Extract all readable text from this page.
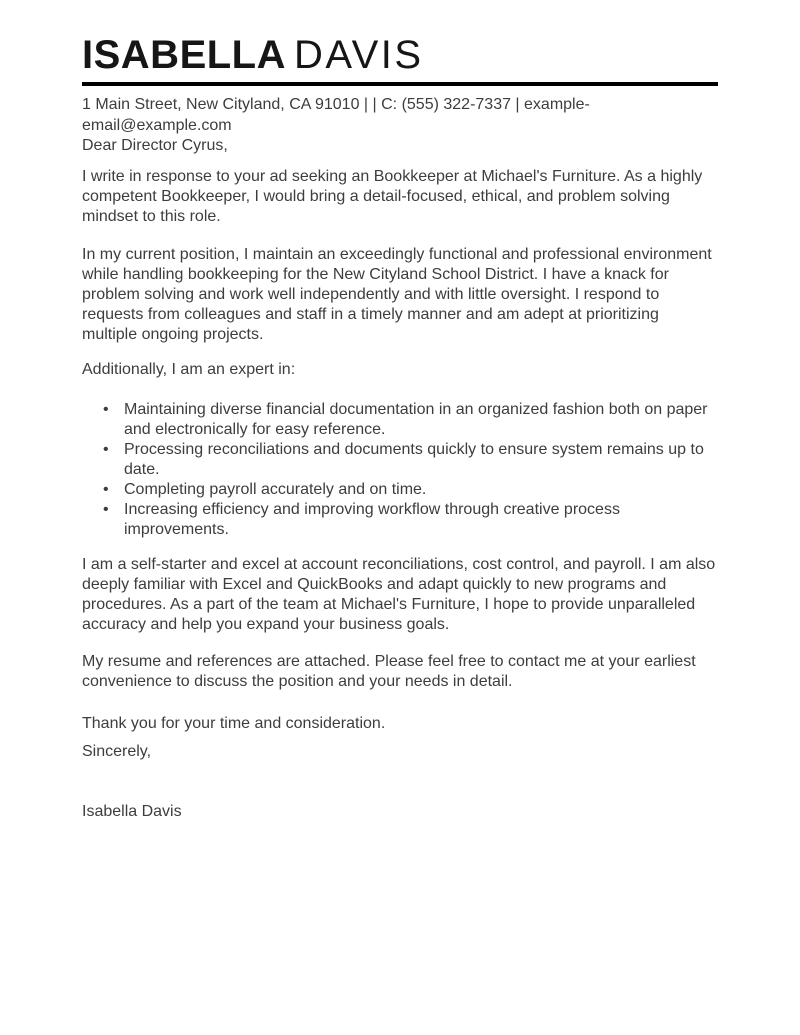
ISABELLA DAVIS
1 Main Street, New Cityland, CA 91010 | | C: (555) 322-7337 | example-
email@example.com

Dear Director Cyrus,

I write in response to your ad seeking an Bookkeeper at Michael's Furniture. As a highly competent Bookkeeper, I would bring a detail-focused, ethical, and problem solving mindset to this role.

In my current position, I maintain an exceedingly functional and professional environment while handling bookkeeping for the New Cityland School District. I have a knack for problem solving and work well independently and with little oversight. I respond to requests from colleagues and staff in a timely manner and am adept at prioritizing multiple ongoing projects.

Additionally, I am an expert in:

• Maintaining diverse financial documentation in an organized fashion both on paper and electronically for easy reference.
• Processing reconciliations and documents quickly to ensure system remains up to date.
• Completing payroll accurately and on time.
• Increasing efficiency and improving workflow through creative process improvements.

I am a self-starter and excel at account reconciliations, cost control, and payroll. I am also deeply familiar with Excel and QuickBooks and adapt quickly to new programs and procedures. As a part of the team at Michael's Furniture, I hope to provide unparalleled accuracy and help you expand your business goals.

My resume and references are attached. Please feel free to contact me at your earliest convenience to discuss the position and your needs in detail.

Thank you for your time and consideration.

Sincerely,

Isabella Davis
